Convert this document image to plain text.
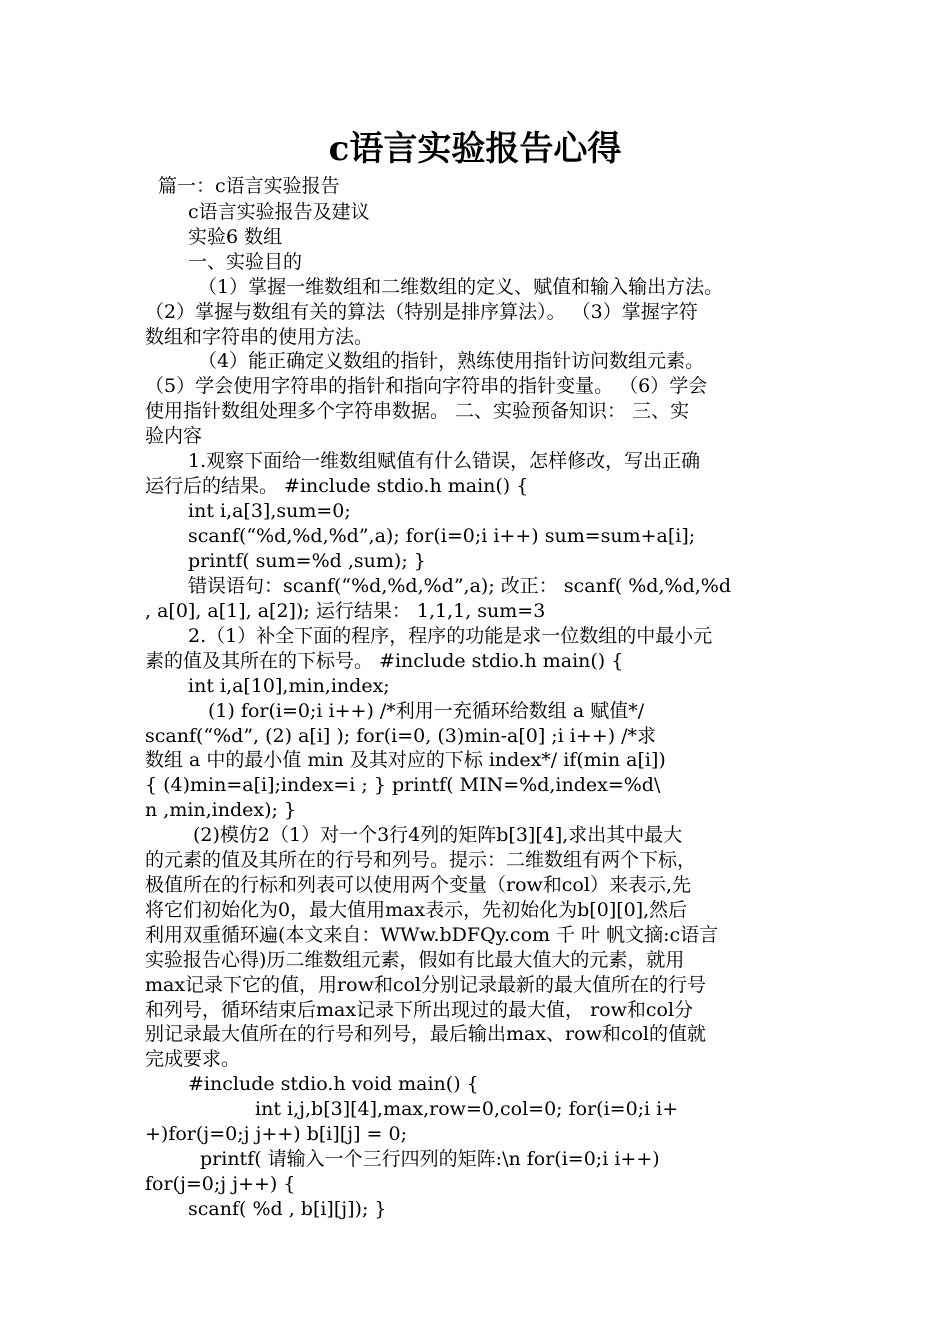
c语言实验报告心得
篇一：c语言实验报告
c语言实验报告及建议
实验6 数组
一、实验目的
（1）掌握一维数组和二维数组的定义、赋值和输入输出方法。
（2）掌握与数组有关的算法（特别是排序算法）。 （3）掌握字符
数组和字符串的使用方法。
（4）能正确定义数组的指针，熟练使用指针访问数组元素。
（5）学会使用字符串的指针和指向字符串的指针变量。 （6）学会
使用指针数组处理多个字符串数据。 二、实验预备知识： 三、实
验内容
1.观察下面给一维数组赋值有什么错误，怎样修改，写出正确
运行后的结果。 #include stdio.h main() {
int i,a[3],sum=0;
scanf(“%d,%d,%d”,a); for(i=0;i i++) sum=sum+a[i];
printf( sum=%d ,sum); }
错误语句：scanf(“%d,%d,%d”,a); 改正： scanf( %d,%d,%d
, a[0], a[1], a[2]); 运行结果： 1,1,1, sum=3
2.（1）补全下面的程序，程序的功能是求一位数组的中最小元
素的值及其所在的下标号。 #include stdio.h main() {
int i,a[10],min,index;
(1) for(i=0;i i++) /*利用一充循环给数组 a 赋值*/
scanf(“%d”, (2) a[i] ); for(i=0, (3)min-a[0] ;i i++) /*求
数组 a 中的最小值 min 及其对应的下标 index*/ if(min a[i])
{ (4)min=a[i];index=i ; } printf( MIN=%d,index=%d\
n ,min,index); }
(2)模仿2（1）对一个3行4列的矩阵b[3][4],求出其中最大
的元素的值及其所在的行号和列号。提示：二维数组有两个下标，
极值所在的行标和列表可以使用两个变量（row和col）来表示,先
将它们初始化为0，最大值用max表示，先初始化为b[0][0],然后
利用双重循环遍(本文来自：WWw.bDFQy.com 千 叶 帆文摘:c语言
实验报告心得)历二维数组元素，假如有比最大值大的元素，就用
max记录下它的值，用row和col分别记录最新的最大值所在的行号
和列号，循环结束后max记录下所出现过的最大值， row和col分
别记录最大值所在的行号和列号，最后输出max、row和col的值就
完成要求。
#include stdio.h void main() {
int i,j,b[3][4],max,row=0,col=0; for(i=0;i i+
+)for(j=0;j j++) b[i][j] = 0;
printf( 请输入一个三行四列的矩阵:\n for(i=0;i i++)
for(j=0;j j++) {
scanf( %d , b[i][j]); }
